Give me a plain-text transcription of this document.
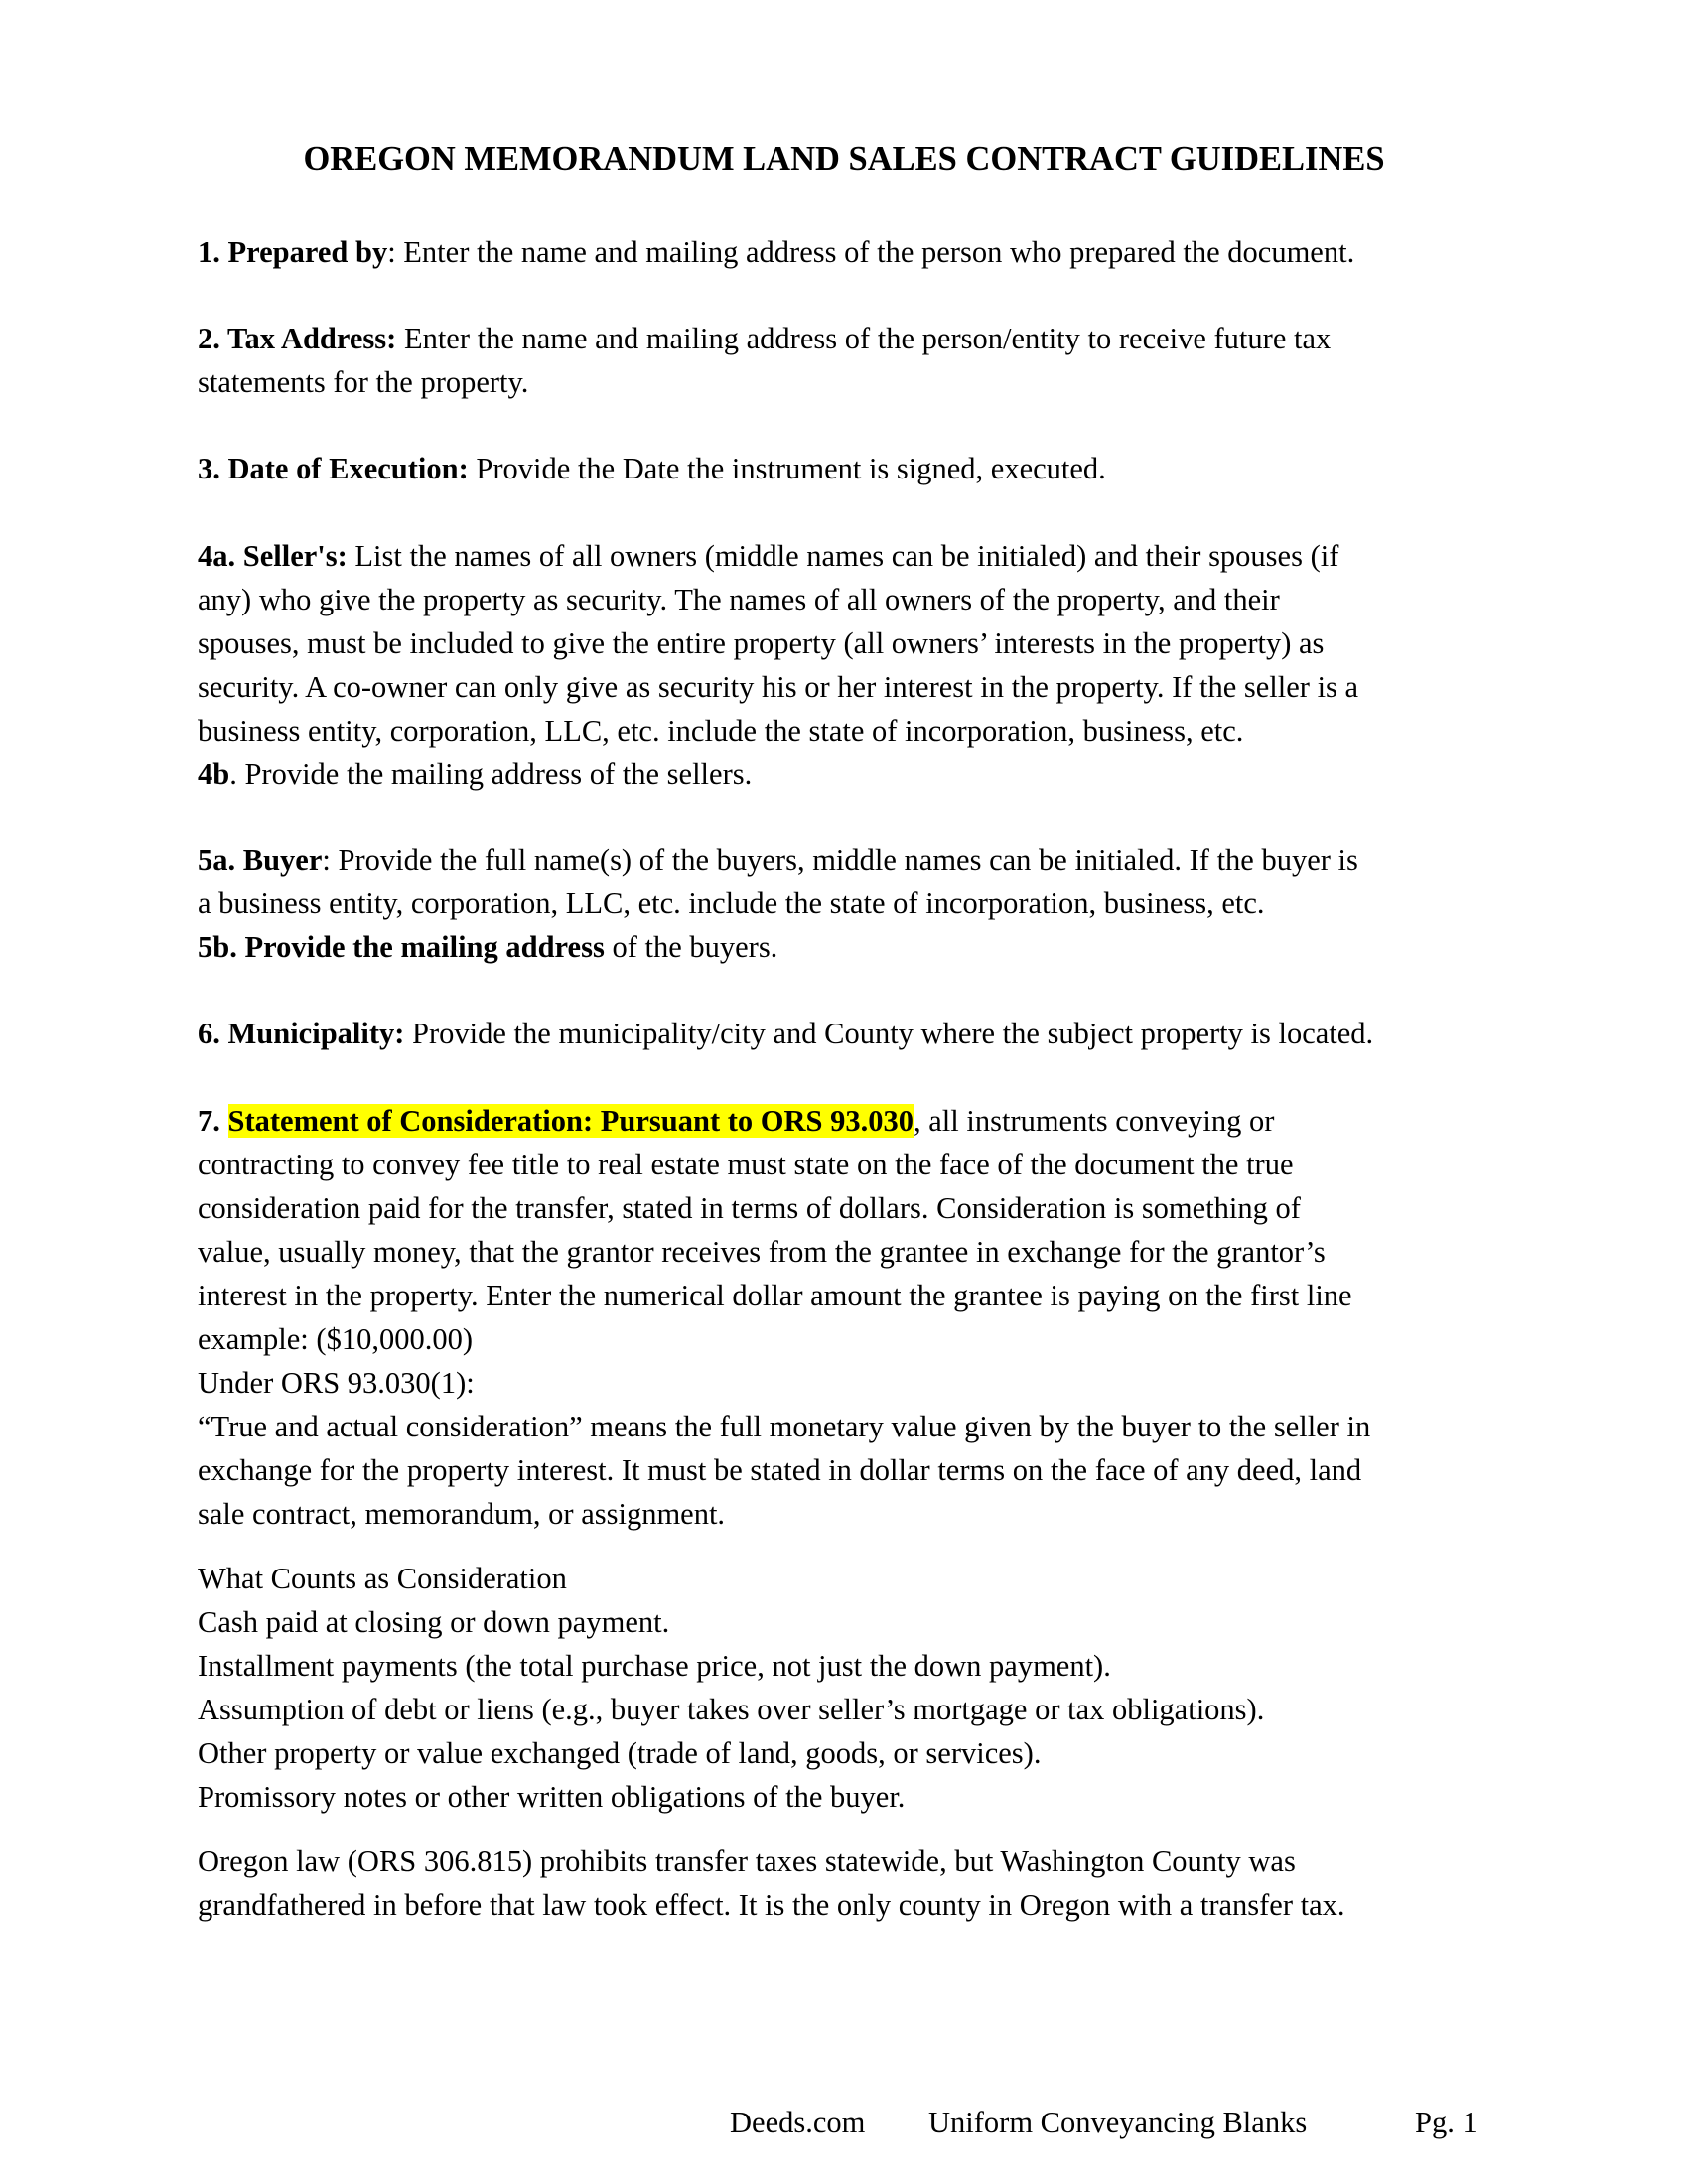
OREGON MEMORANDUM LAND SALES CONTRACT GUIDELINES
1. Prepared by: Enter the name and mailing address of the person who prepared the document.
2. Tax Address: Enter the name and mailing address of the person/entity to receive future tax
statements for the property.
3. Date of Execution: Provide the Date the instrument is signed, executed.
4a. Seller's: List the names of all owners (middle names can be initialed) and their spouses (if
any) who give the property as security. The names of all owners of the property, and their
spouses, must be included to give the entire property (all owners’ interests in the property) as
security. A co-owner can only give as security his or her interest in the property. If the seller is a
business entity, corporation, LLC, etc. include the state of incorporation, business, etc.
4b. Provide the mailing address of the sellers.
5a. Buyer: Provide the full name(s) of the buyers, middle names can be initialed. If the buyer is
a business entity, corporation, LLC, etc. include the state of incorporation, business, etc.
5b. Provide the mailing address of the buyers.
6. Municipality: Provide the municipality/city and County where the subject property is located.
7. Statement of Consideration: Pursuant to ORS 93.030, all instruments conveying or
contracting to convey fee title to real estate must state on the face of the document the true
consideration paid for the transfer, stated in terms of dollars. Consideration is something of
value, usually money, that the grantor receives from the grantee in exchange for the grantor’s
interest in the property. Enter the numerical dollar amount the grantee is paying on the first line
example: ($10,000.00)
Under ORS 93.030(1):
“True and actual consideration” means the full monetary value given by the buyer to the seller in
exchange for the property interest. It must be stated in dollar terms on the face of any deed, land
sale contract, memorandum, or assignment.
What Counts as Consideration
Cash paid at closing or down payment.
Installment payments (the total purchase price, not just the down payment).
Assumption of debt or liens (e.g., buyer takes over seller’s mortgage or tax obligations).
Other property or value exchanged (trade of land, goods, or services).
Promissory notes or other written obligations of the buyer.
Oregon law (ORS 306.815) prohibits transfer taxes statewide, but Washington County was
grandfathered in before that law took effect. It is the only county in Oregon with a transfer tax.
Deeds.com Uniform Conveyancing Blanks	Pg. 1
